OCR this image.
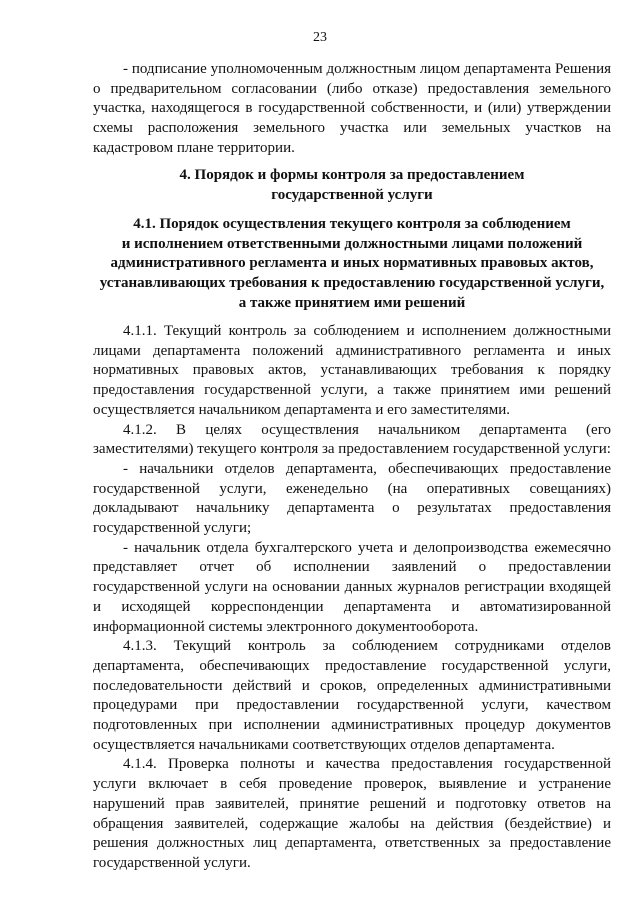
23

- подписание уполномоченным должностным лицом департамента Решения о предварительном согласовании (либо отказе) предоставления земельного участка, находящегося в государственной собственности, и (или) утверждении схемы расположения земельного участка или земельных участков на кадастровом плане территории.

4. Порядок и формы контроля за предоставлением
государственной услуги
4.1. Порядок осуществления текущего контроля за соблюдением
и исполнением ответственными должностными лицами положений
административного регламента и иных нормативных правовых актов,
устанавливающих требования к предоставлению государственной услуги,
а также принятием ими решений

4.1.1. Текущий контроль за соблюдением и исполнением должностными лицами департамента положений административного регламента и иных нормативных правовых актов, устанавливающих требования к порядку предоставления государственной услуги, а также принятием ими решений осуществляется начальником департамента и его заместителями.

4.1.2. В целях осуществления начальником департамента (его заместителями) текущего контроля за предоставлением государственной услуги:

- начальники отделов департамента, обеспечивающих предоставление государственной услуги, еженедельно (на оперативных совещаниях) докладывают начальнику департамента о результатах предоставления государственной услуги;

- начальник отдела бухгалтерского учета и делопроизводства ежемесячно представляет отчет об исполнении заявлений о предоставлении государственной услуги на основании данных журналов регистрации входящей и исходящей корреспонденции департамента и автоматизированной информационной системы электронного документооборота.

4.1.3. Текущий контроль за соблюдением сотрудниками отделов департамента, обеспечивающих предоставление государственной услуги, последовательности действий и сроков, определенных административными процедурами при предоставлении государственной услуги, качеством подготовленных при исполнении административных процедур документов осуществляется начальниками соответствующих отделов департамента.

4.1.4. Проверка полноты и качества предоставления государственной услуги включает в себя проведение проверок, выявление и устранение нарушений прав заявителей, принятие решений и подготовку ответов на обращения заявителей, содержащие жалобы на действия (бездействие) и решения должностных лиц департамента, ответственных за предоставление государственной услуги.
